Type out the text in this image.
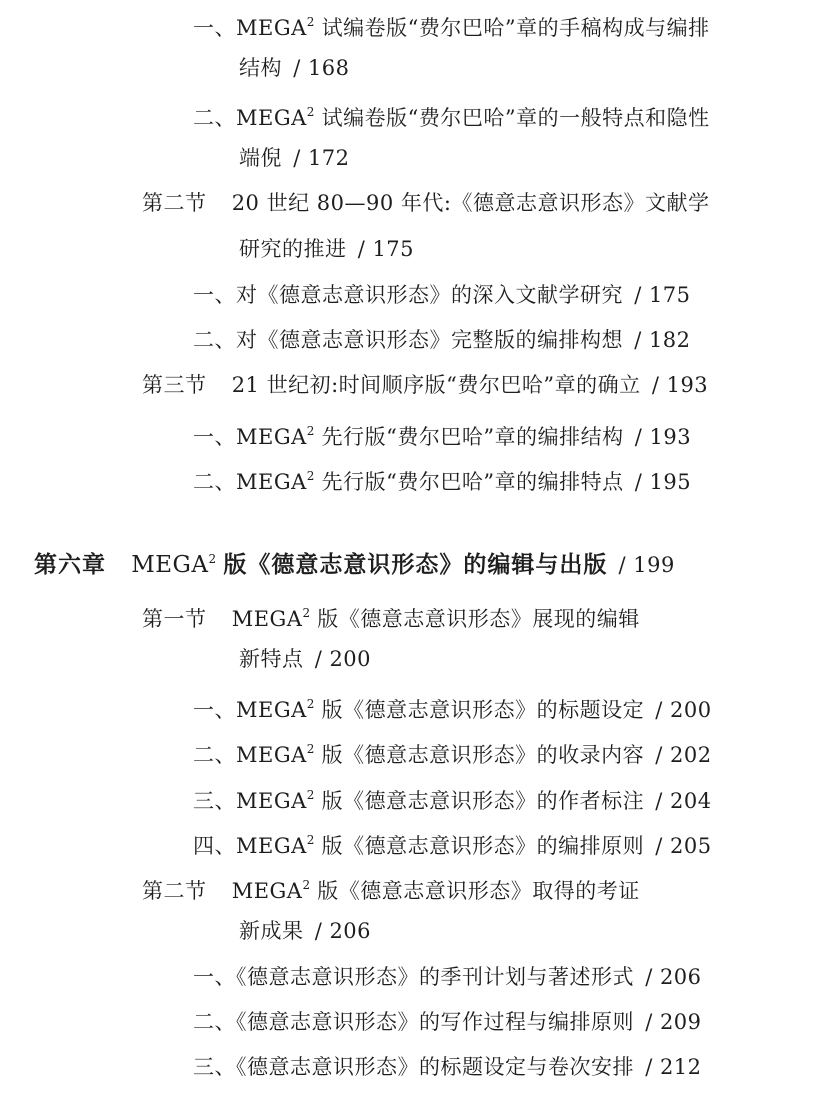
一、MEGA$^2$ 试编卷版“费尔巴哈”章的手稿构成与编排
结构 / 168
二、MEGA$^2$ 试编卷版“费尔巴哈”章的一般特点和隐性
端倪 / 172
第二节 20 世纪 80—90 年代:《德意志意识形态》文献学
研究的推进 / 175
一、对《德意志意识形态》的深入文献学研究 / 175
二、对《德意志意识形态》完整版的编排构想 / 182
第三节 21 世纪初:时间顺序版“费尔巴哈”章的确立 / 193
一、MEGA$^2$ 先行版“费尔巴哈”章的编排结构 / 193
二、MEGA$^2$ 先行版“费尔巴哈”章的编排特点 / 195
第六章 MEGA$^2$ 版《德意志意识形态》的编辑与出版 / 199
第一节 MEGA$^2$ 版《德意志意识形态》展现的编辑
新特点 / 200
一、MEGA$^2$ 版《德意志意识形态》的标题设定 / 200
二、MEGA$^2$ 版《德意志意识形态》的收录内容 / 202
三、MEGA$^2$ 版《德意志意识形态》的作者标注 / 204
四、MEGA$^2$ 版《德意志意识形态》的编排原则 / 205
第二节 MEGA$^2$ 版《德意志意识形态》取得的考证
新成果 / 206
一、《德意志意识形态》的季刊计划与著述形式 / 206
二、《德意志意识形态》的写作过程与编排原则 / 209
三、《德意志意识形态》的标题设定与卷次安排 / 212
